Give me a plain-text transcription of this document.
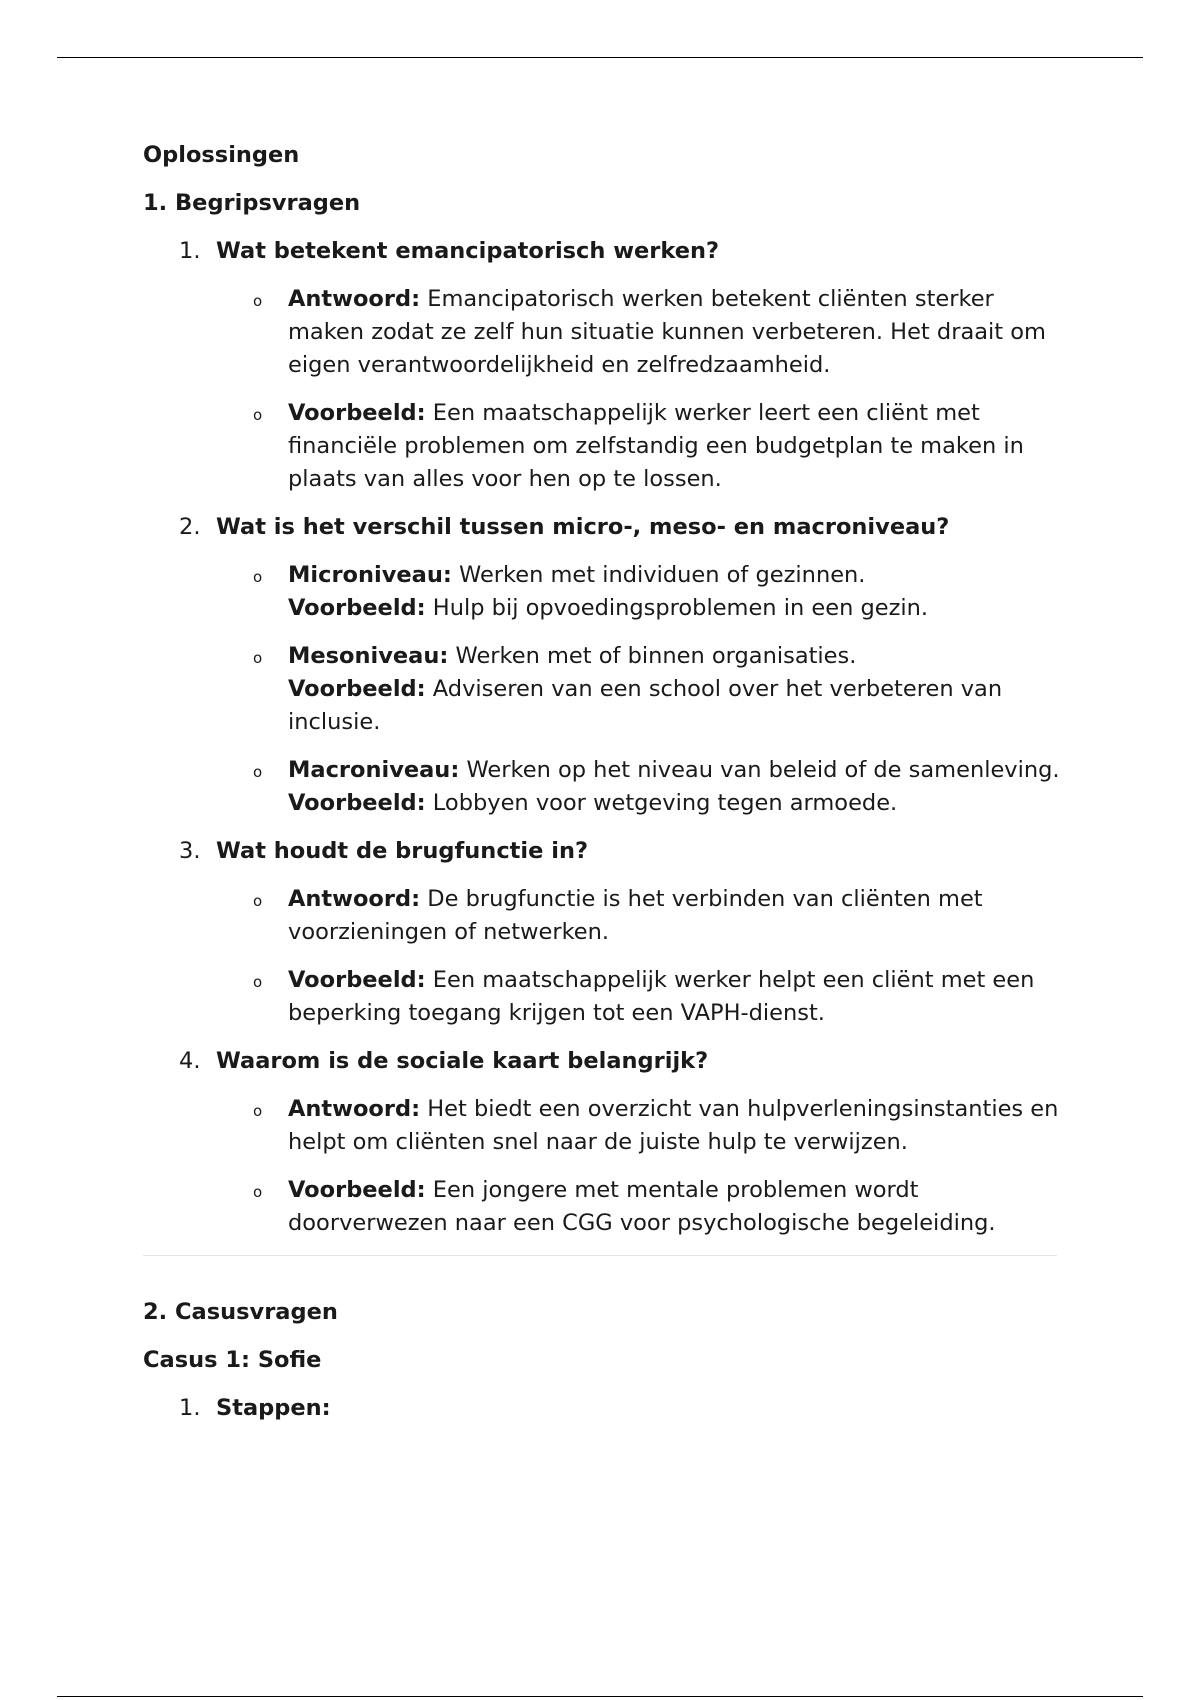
Oplossingen
1. Begripsvragen
1. Wat betekent emancipatorisch werken?
o	Antwoord: Emancipatorisch werken betekent cliënten sterker maken zodat ze zelf hun situatie kunnen verbeteren. Het draait om eigen verantwoordelijkheid en zelfredzaamheid.
o	Voorbeeld: Een maatschappelijk werker leert een cliënt met financiële problemen om zelfstandig een budgetplan te maken in plaats van alles voor hen op te lossen.
2. Wat is het verschil tussen micro-, meso- en macroniveau?
o	Microniveau: Werken met individuen of gezinnen.
Voorbeeld: Hulp bij opvoedingsproblemen in een gezin.
o	Mesoniveau: Werken met of binnen organisaties.
Voorbeeld: Adviseren van een school over het verbeteren van inclusie.
o	Macroniveau: Werken op het niveau van beleid of de samenleving.
Voorbeeld: Lobbyen voor wetgeving tegen armoede.
3. Wat houdt de brugfunctie in?
o	Antwoord: De brugfunctie is het verbinden van cliënten met voorzieningen of netwerken.
o	Voorbeeld: Een maatschappelijk werker helpt een cliënt met een beperking toegang krijgen tot een VAPH-dienst.
4. Waarom is de sociale kaart belangrijk?
o	Antwoord: Het biedt een overzicht van hulpverleningsinstanties en helpt om cliënten snel naar de juiste hulp te verwijzen.
o	Voorbeeld: Een jongere met mentale problemen wordt doorverwezen naar een CGG voor psychologische begeleiding.
2. Casusvragen
Casus 1: Sofie
1. Stappen:
